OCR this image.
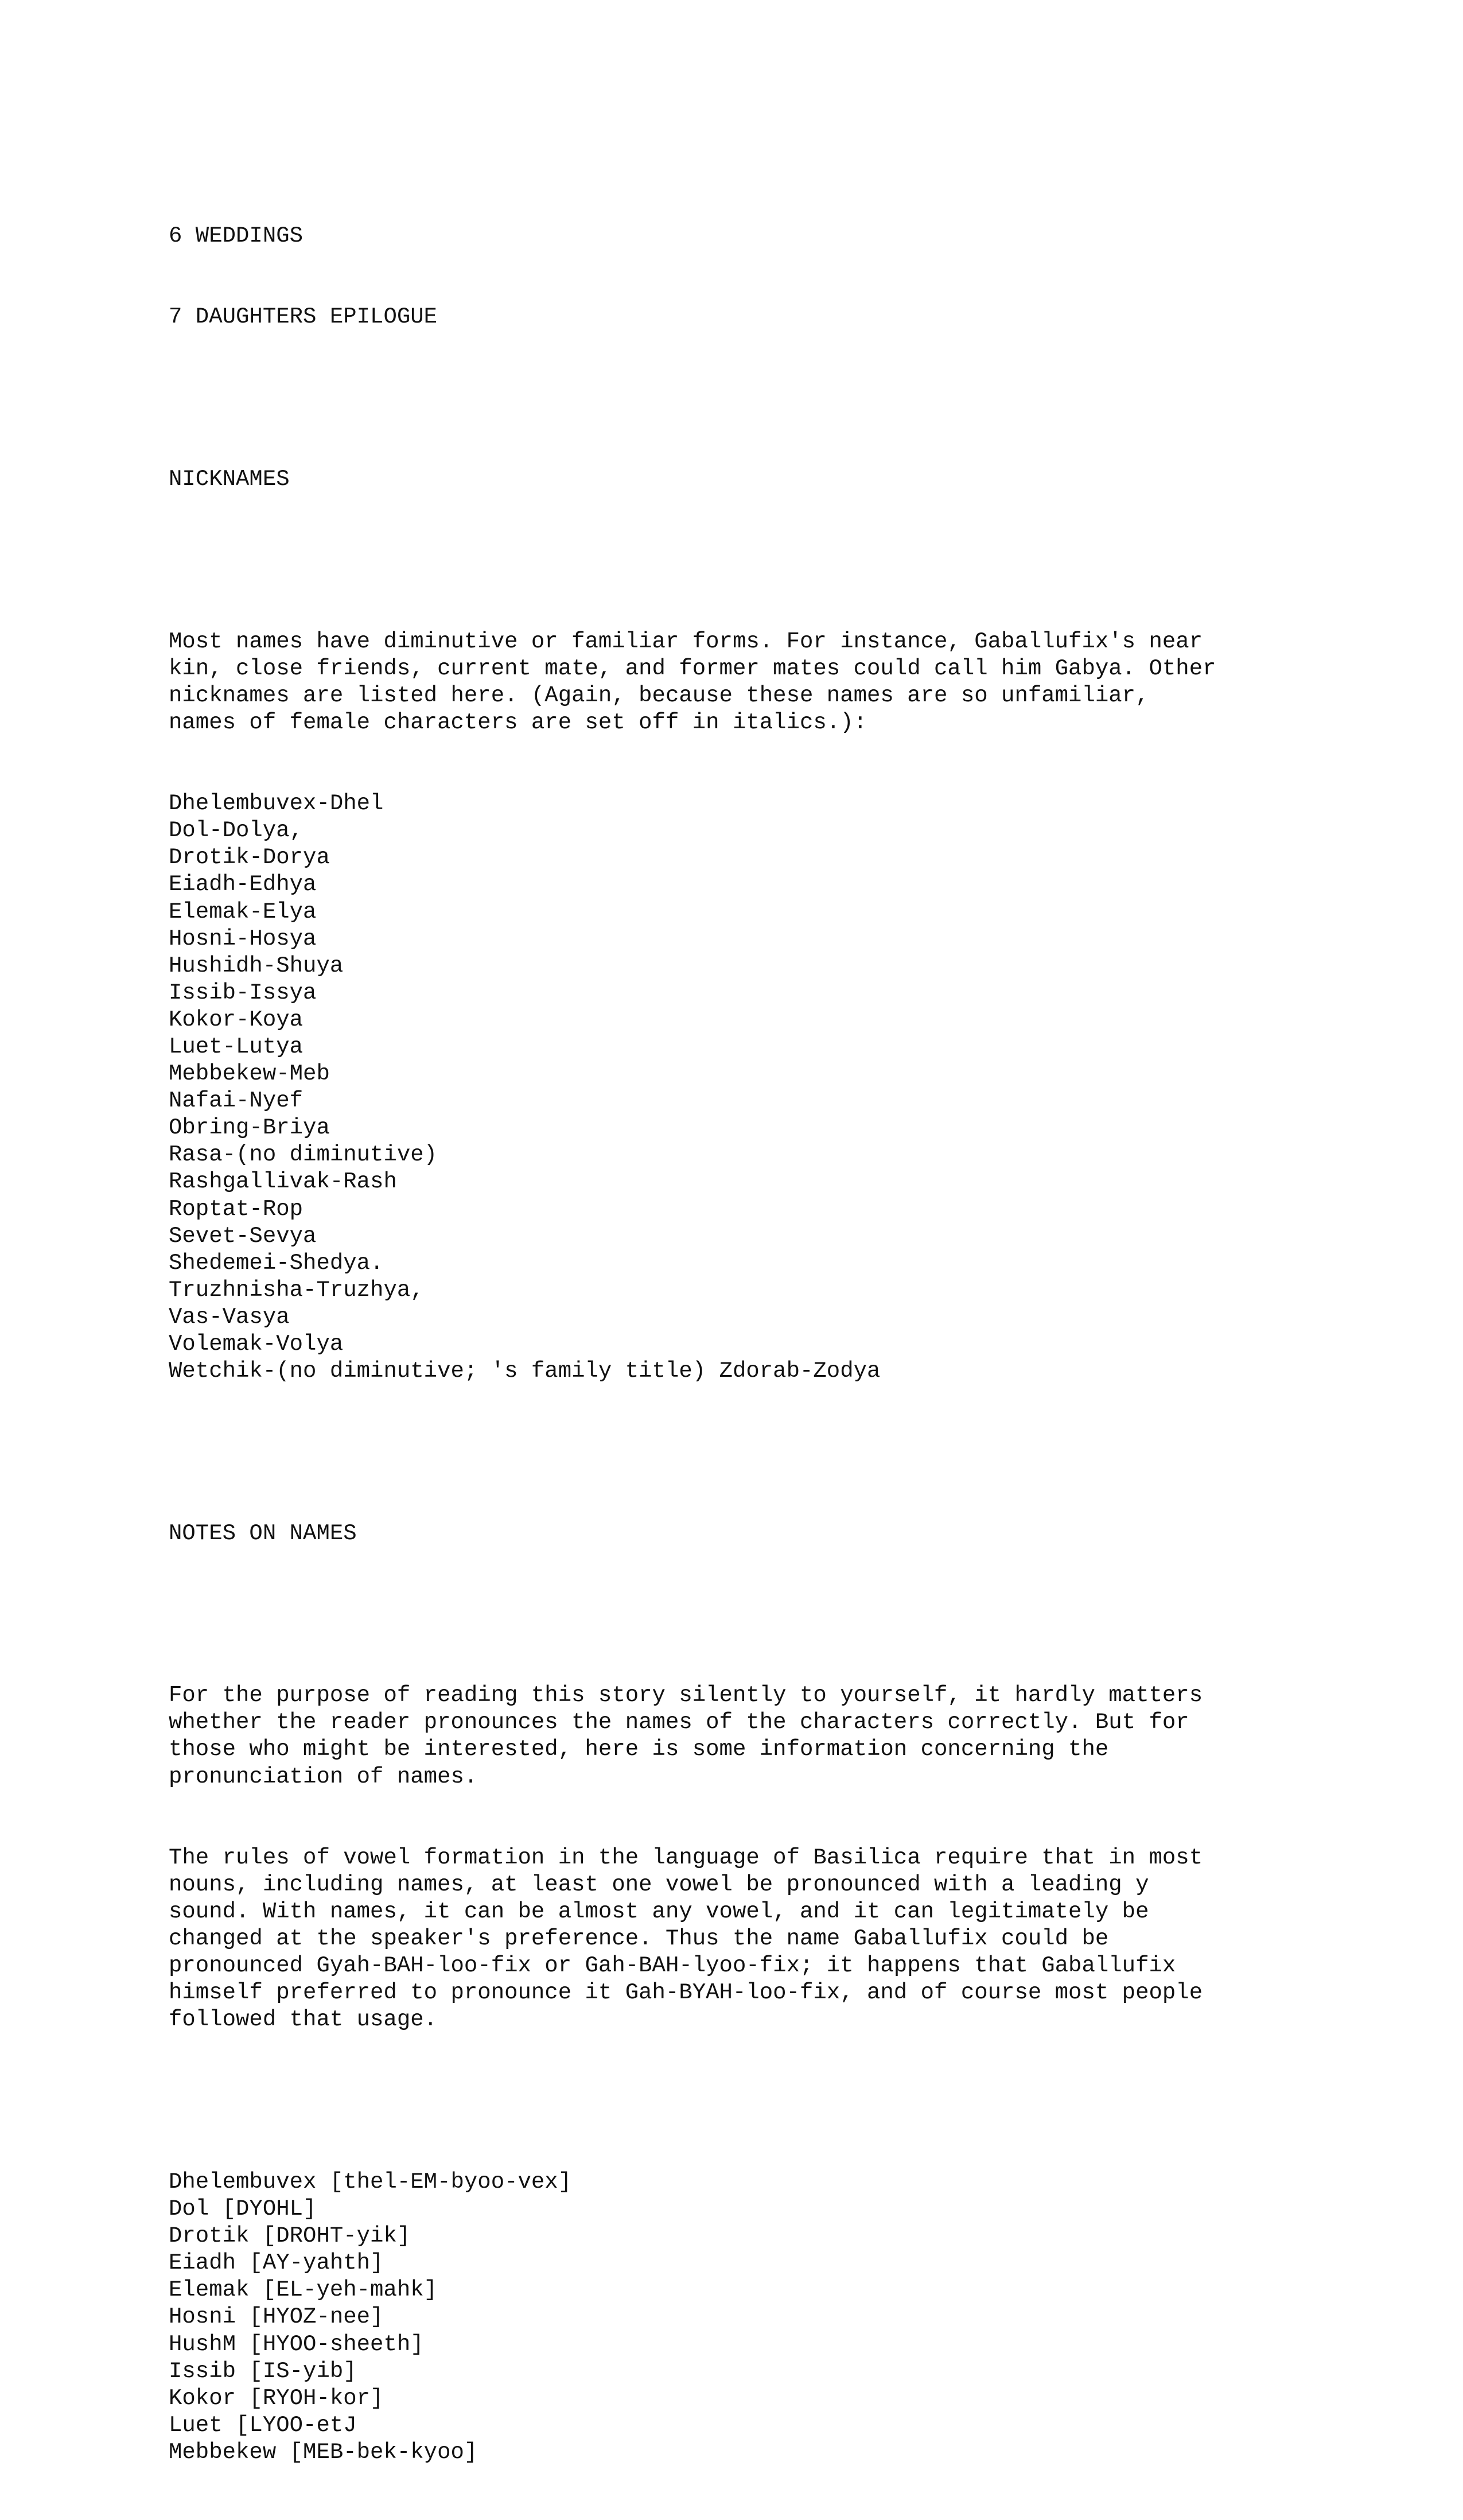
6 WEDDINGS

7 DAUGHTERS EPILOGUE

NICKNAMES

Most names have diminutive or familiar forms. For instance, Gaballufix's near
kin, close friends, current mate, and former mates could call him Gabya. Other
nicknames are listed here. (Again, because these names are so unfamiliar,
names of female characters are set off in italics.):

Dhelembuvex-Dhel
Dol-Dolya,
Drotik-Dorya
Eiadh-Edhya
Elemak-Elya
Hosni-Hosya
Hushidh-Shuya
Issib-Issya
Kokor-Koya
Luet-Lutya
Mebbekew-Meb
Nafai-Nyef
Obring-Briya
Rasa-(no diminutive)
Rashgallivak-Rash
Roptat-Rop
Sevet-Sevya
Shedemei-Shedya.
Truzhnisha-Truzhya,
Vas-Vasya
Volemak-Volya
Wetchik-(no diminutive; 's family title) Zdorab-Zodya

NOTES ON NAMES

For the purpose of reading this story silently to yourself, it hardly matters
whether the reader pronounces the names of the characters correctly. But for
those who might be interested, here is some information concerning the
pronunciation of names.

The rules of vowel formation in the language of Basilica require that in most
nouns, including names, at least one vowel be pronounced with a leading y
sound. With names, it can be almost any vowel, and it can legitimately be
changed at the speaker's preference. Thus the name Gaballufix could be
pronounced Gyah-BAH-loo-fix or Gah-BAH-lyoo-fix; it happens that Gaballufix
himself preferred to pronounce it Gah-BYAH-loo-fix, and of course most people
followed that usage.

Dhelembuvex [thel-EM-byoo-vex]
Dol [DYOHL]
Drotik [DROHT-yik]
Eiadh [AY-yahth]
Elemak [EL-yeh-mahk]
Hosni [HYOZ-nee]
HushM [HYOO-sheeth]
Issib [IS-yib]
Kokor [RYOH-kor]
Luet [LYOO-etJ
Mebbekew [MEB-bek-kyoo]
